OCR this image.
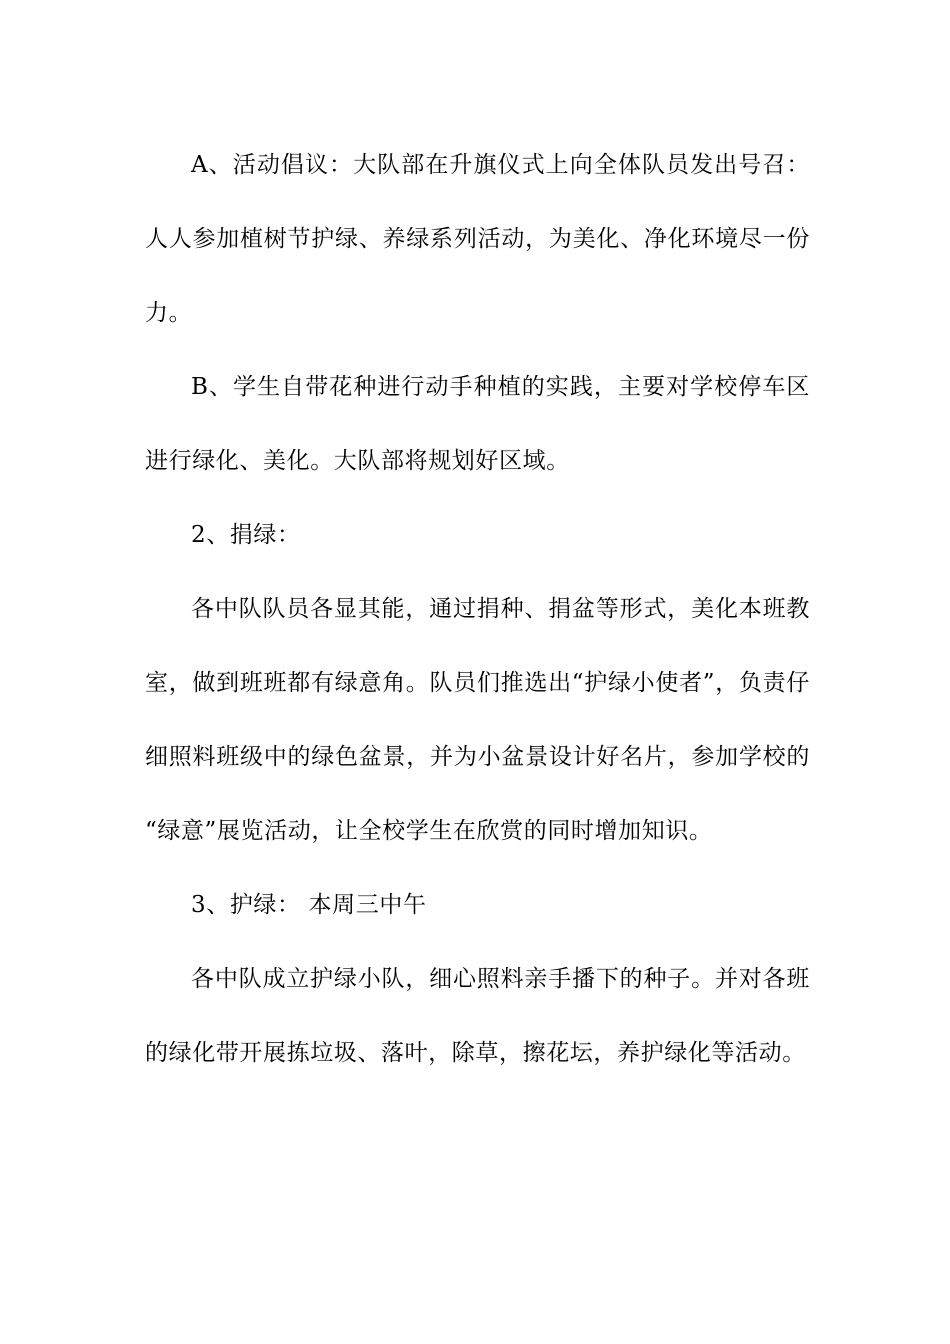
A、活动倡议：大队部在升旗仪式上向全体队员发出号召：人人参加植树节护绿、养绿系列活动，为美化、净化环境尽一份力。

B、学生自带花种进行动手种植的实践，主要对学校停车区进行绿化、美化。大队部将规划好区域。

2、捐绿：

各中队队员各显其能，通过捐种、捐盆等形式，美化本班教室，做到班班都有绿意角。队员们推选出“护绿小使者”，负责仔细照料班级中的绿色盆景，并为小盆景设计好名片，参加学校的 “绿意”展览活动，让全校学生在欣赏的同时增加知识。

3、护绿： 本周三中午

各中队成立护绿小队，细心照料亲手播下的种子。并对各班的绿化带开展拣垃圾、落叶，除草，擦花坛，养护绿化等活动。
